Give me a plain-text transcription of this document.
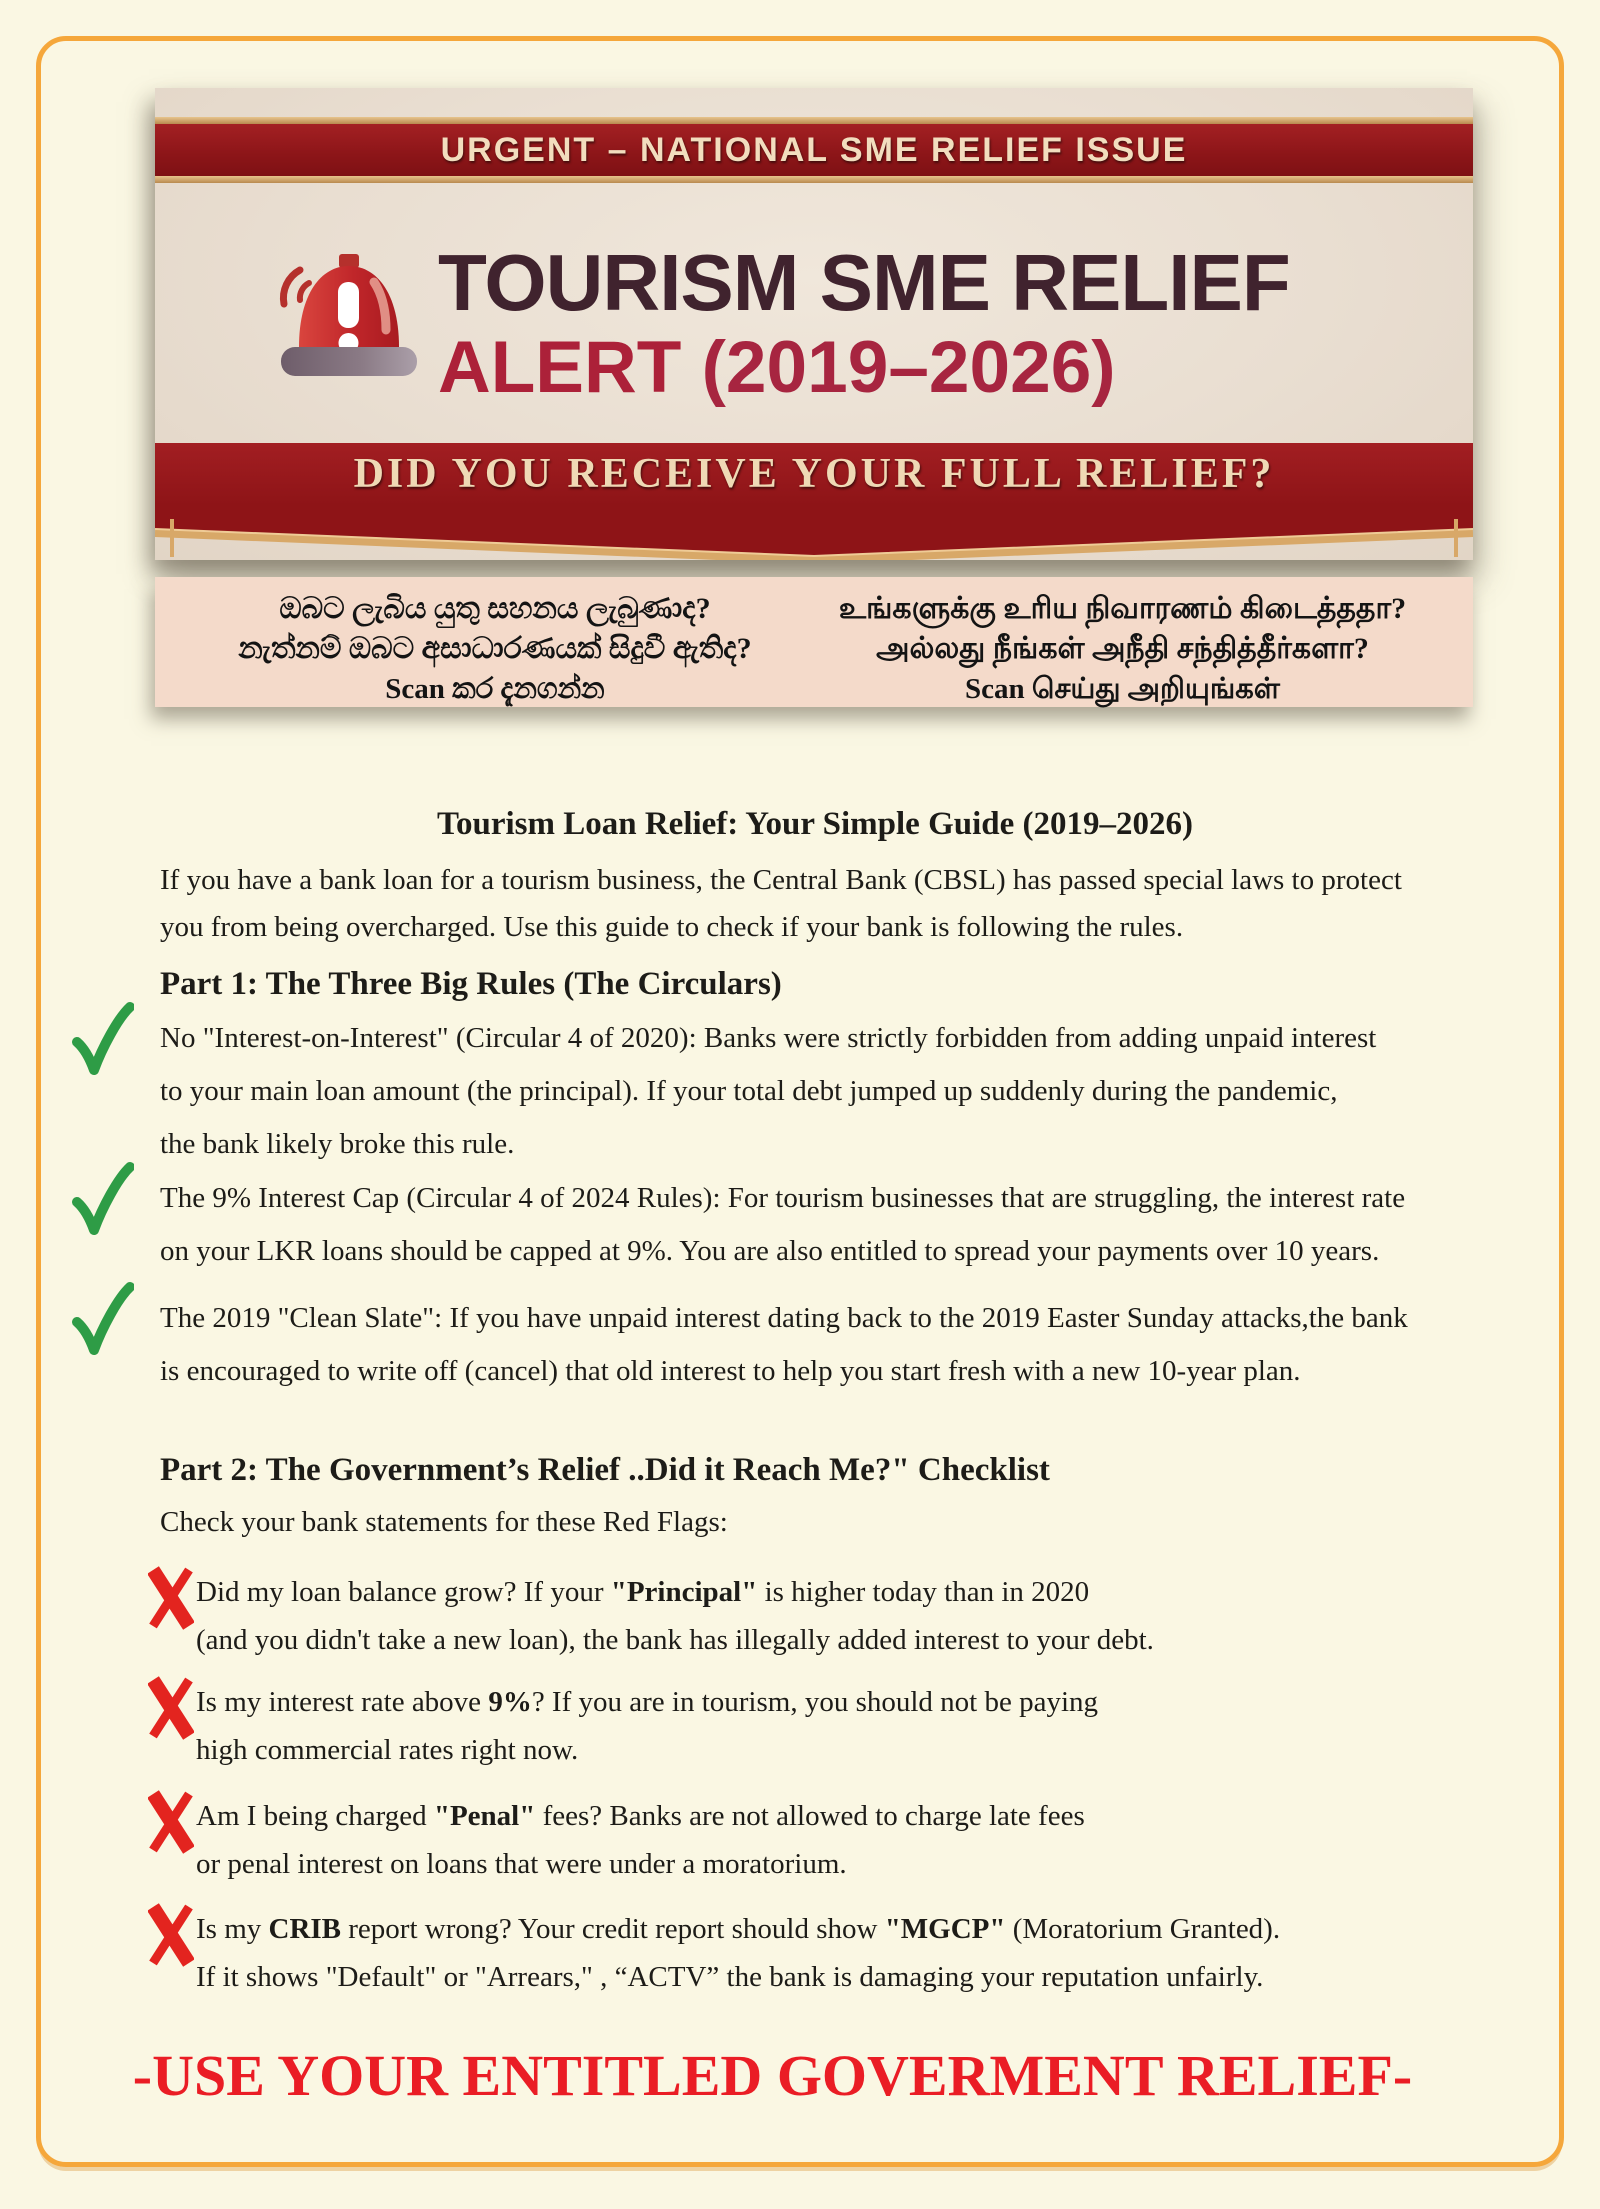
URGENT – NATIONAL SME RELIEF ISSUE
TOURISM SME RELIEF
ALERT (2019–2026)
DID YOU RECEIVE YOUR FULL RELIEF?
ඔබට ලැබිය යුතු සහනය ලැබුණාද?
නැත්නම් ඔබට අසාධාරණයක් සිදුවී ඇතිද?
Scan කර දැනගන්න
உங்களுக்கு உரிய நிவாரணம் கிடைத்ததா?
அல்லது நீங்கள் அநீதி சந்தித்தீர்களா?
Scan செய்து அறியுங்கள்
Tourism Loan Relief: Your Simple Guide (2019–2026)
If you have a bank loan for a tourism business, the Central Bank (CBSL) has passed special laws to protect
you from being overcharged. Use this guide to check if your bank is following the rules.
Part 1: The Three Big Rules (The Circulars)
No "Interest-on-Interest" (Circular 4 of 2020): Banks were strictly forbidden from adding unpaid interest
to your main loan amount (the principal). If your total debt jumped up suddenly during the pandemic,
the bank likely broke this rule.
The 9% Interest Cap (Circular 4 of 2024 Rules): For tourism businesses that are struggling, the interest rate
on your LKR loans should be capped at 9%. You are also entitled to spread your payments over 10 years.
The 2019 "Clean Slate": If you have unpaid interest dating back to the 2019 Easter Sunday attacks,the bank
is encouraged to write off (cancel) that old interest to help you start fresh with a new 10-year plan.
Part 2: The Government’s Relief ..Did it Reach Me?" Checklist
Check your bank statements for these Red Flags:
Did my loan balance grow? If your "Principal" is higher today than in 2020
(and you didn't take a new loan), the bank has illegally added interest to your debt.
Is my interest rate above 9%? If you are in tourism, you should not be paying
high commercial rates right now.
Am I being charged "Penal" fees? Banks are not allowed to charge late fees
or penal interest on loans that were under a moratorium.
Is my CRIB report wrong? Your credit report should show "MGCP" (Moratorium Granted).
If it shows "Default" or "Arrears," , “ACTV” the bank is damaging your reputation unfairly.
-USE YOUR ENTITLED GOVERMENT RELIEF-
